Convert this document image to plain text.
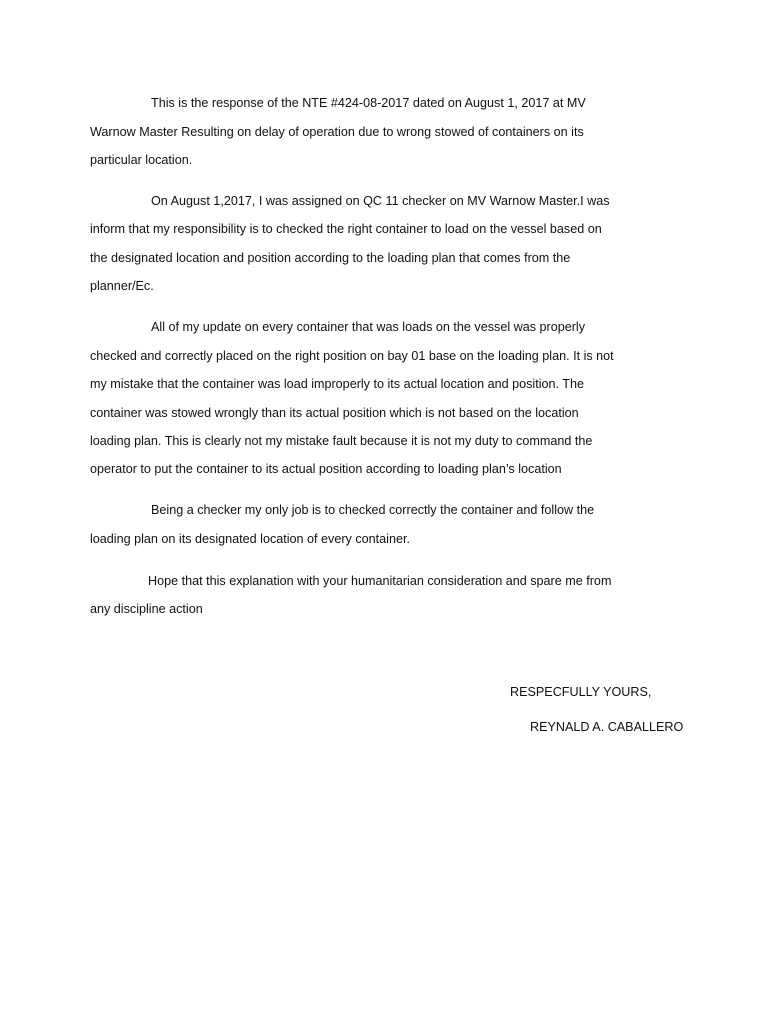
This is the response of the NTE #424-08-2017 dated on August 1, 2017 at MV
Warnow Master Resulting on delay of operation due to wrong stowed of containers on its
particular location.
On August 1,2017, I was assigned on QC 11 checker on MV Warnow Master.I was
inform that my responsibility is to checked the right container to load on the vessel based on
the designated location and position according to the loading plan that comes from the
planner/Ec.
All of my update on every container that was loads on the vessel was properly
checked and correctly placed on the right position on bay 01 base on the loading plan. It is not
my mistake that the container was load improperly to its actual location and position. The
container was stowed wrongly than its actual position which is not based on the location
loading plan. This is clearly not my mistake fault because it is not my duty to command the
operator to put the container to its actual position according to loading plan’s location
Being a checker my only job is to checked correctly the container and follow the
loading plan on its designated location of every container.
Hope that this explanation with your humanitarian consideration and spare me from
any discipline action
RESPECFULLY YOURS,
REYNALD A. CABALLERO
